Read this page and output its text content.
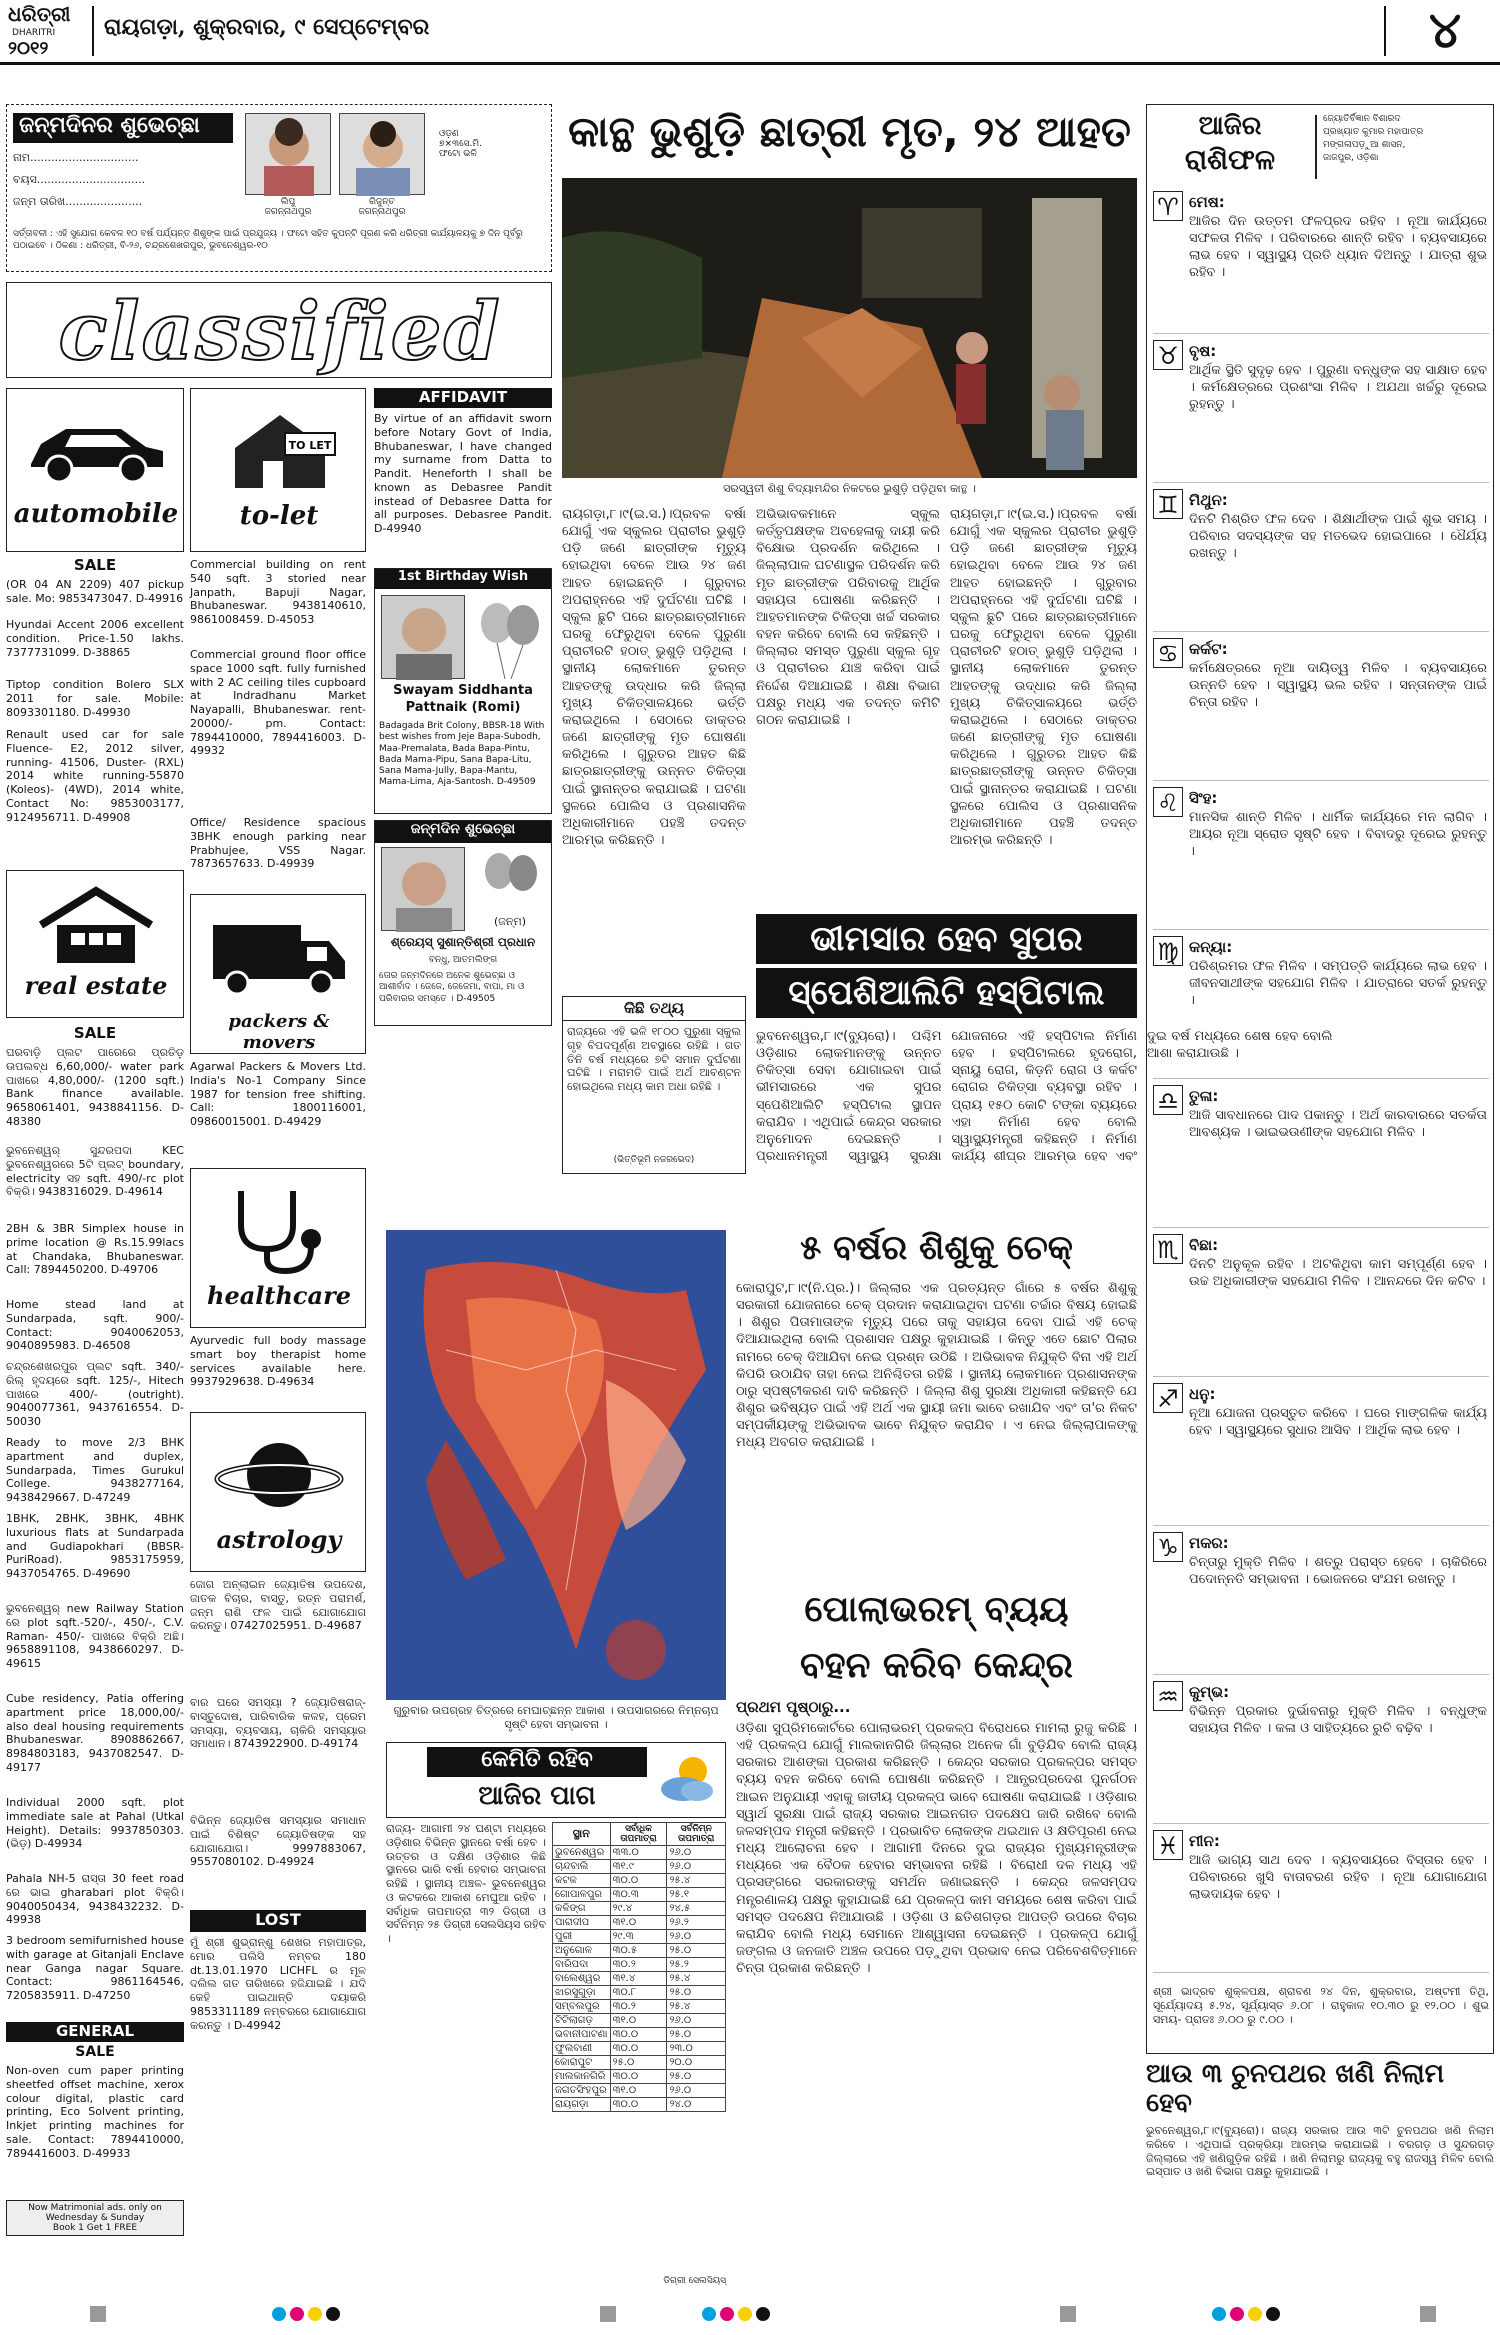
ଧରିତ୍ରୀ
DHARITRI
୨୦୧୨
ରାୟଗଡ଼ା, ଶୁକ୍ରବାର, ୯ ସେପ୍ଟେମ୍ବର	୪
ଜନ୍ମଦିନର ଶୁଭେଚ୍ଛା
ନାମ...............................
ବୟସ...............................
ଜନ୍ମ ତାରିଖ......................	ଲିପୁ
ଜଗନ୍ନାଥପୁର
ରିଜୁନ୍ତ
ଜଗନ୍ନାଥପୁର
ଓଡ଼ଣ
୭×୩ସେ.ମି.
ଫଟୋ ଭଳି
ସର୍ତ୍ତାବଳୀ : ଏହି ସୁଯୋଗ କେବଳ ୧୦ ବର୍ଷ ପର୍ଯ୍ୟନ୍ତ ଶିଶୁଙ୍କ ପାଇଁ ପ୍ରଯୁଜ୍ୟ । ଫଟୋ ସହିତ କୁପନ୍‌ଟି ପୂରଣ କରି ଧରିତ୍ରୀ କାର୍ଯ୍ୟାଳୟକୁ ୭ ଦିନ ପୂର୍ବରୁ ପଠାଇବେ । ଠିକଣା : ଧରିତ୍ରୀ, ବି-୨୬, ଚନ୍ଦ୍ରଶେଖରପୁର, ଭୁବନେଶ୍ୱର-୧୦
classified
automobile
SALE
(OR 04 AN 2209) 407 pickup sale. Mo: 9853473047. D-49916
Hyundai Accent 2006 excellent condition. Price-1.50 lakhs. 7377731099. D-38865
Tiptop condition Bolero SLX 2011 for sale. Mobile: 8093301180. D-49930
Renault used car for sale Fluence- E2, 2012 silver, running- 41506, Duster- (RXL) 2014 white running-55870 (Koleos)- (4WD), 2014 white, Contact No: 9853003177, 9124956711. D-49908
real estate
SALE
ଘରବାଡ଼ି ପ୍ଲଟ ପାରେରେ ପ୍ରତିଡ଼ ଉପଲବ୍ଧ 6,60,000/- water park ପାଖରେ 4,80,000/- (1200 sqft.) Bank finance available. 9658061401, 9438841156. D-48380
ଭୁବନେଶ୍ୱର୍ ସୁନ୍ଦରପଦା KEC ଭୁବନେଶ୍ୱରରେ 5ଟି ପ୍ଲଟ୍ boundary, electricity ସହ sqft. 490/-rc plot ବିକ୍ରି। 9438316029. D-49614
2BH & 3BR Simplex house in prime location @ Rs.15.99lacs at Chandaka, Bhubaneswar. Call: 7894450200. D-49706
Home stead land at Sundarpada, sqft. 900/- Contact: 9040062053, 9040895983. D-46508
ଚନ୍ଦ୍ରଶେଖରପୁର ପ୍ଲଟ sqft. 340/- ରିଲ୍ ହୃଦୟରେ sqft. 125/-, Hitech ପାଖରେ 400/- (outright). 9040077361, 9437616554. D-50030
Ready to move 2/3 BHK apartment and duplex, Sundarpada, Times Gurukul College. 9438277164, 9438429667. D-47249
1BHK, 2BHK, 3BHK, 4BHK luxurious flats at Sundarpada and Gudiapokhari (BBSR-PuriRoad). 9853175959, 9437054765. D-49690
ଭୁବନେଶ୍ୱର୍ new Railway Station ରେ plot sqft.-520/-, 450/-, C.V. Raman- 450/- ପାଖରେ ବିକ୍ରି ଅଛି। 9658891108, 9438660297. D-49615
Cube residency, Patia offering apartment price 18,000,00/- also deal housing requirements Bhubaneswar. 8908862667, 8984803183, 9437082547. D-49177
Individual 2000 sqft. plot immediate sale at Pahal (Utkal Height). Details: 9937850303. (ଭିଡ଼) D-49934
Pahala NH-5 ରାସ୍ତା 30 feet road ରେ ଭାଇ gharabari plot ବିକ୍ରି। 9040050434, 9438432232. D-49938
3 bedroom semifurnished house with garage at Gitanjali Enclave near Ganga nagar Square. Contact: 9861164546, 7205835911. D-47250
GENERAL
SALE
Non-oven cum paper printing sheetfed offset machine, xerox colour digital, plastic card printing, Eco Solvent printing, Inkjet printing machines for sale. Contact: 7894410000, 7894416003. D-49933
Now Matrimonial ads. only on Wednesday & Sunday
Book 1 Get 1 FREE
TO LET
to-let
Commercial building on rent 540 sqft. 3 storied near Janpath, Bapuji Nagar, Bhubaneswar. 9438140610, 9861008459. D-45053
Commercial ground floor office space 1000 sqft. fully furnished with 2 AC ceiling tiles cupboard at Indradhanu Market Nayapalli, Bhubaneswar. rent-20000/- pm. Contact: 7894410000, 7894416003. D-49932
Office/ Residence spacious 3BHK enough parking near Prabhujee, VSS Nagar. 7873657633. D-49939
packers & movers
Agarwal Packers & Movers Ltd. India's No-1 Company Since 1987 for tension free shifting. Call: 1800116001, 09860015001. D-49429
healthcare
Ayurvedic full body massage smart boy therapist home services available here. 9937929638. D-49634
astrology
ଜୋଗ ଅନ୍‌ଲାଇନ ଜ୍ୟୋତିଷ ଉପଦେଶ, ଜାତକ ବିଚାର, ବାସ୍ତୁ, ରତ୍ନ ପରାମର୍ଶ, ଜନ୍ମ ରାଶି ଫଳ ପାଇଁ ଯୋଗାଯୋଗ କରନ୍ତୁ। 07427025951. D-49687
ବାର ଘରେ ସମସ୍ୟା ? ଜ୍ୟୋତିଷରାଜ୍- ବାସ୍ତୁଦୋଷ, ପାରିବାରିକ କଳହ, ପ୍ରେମ ସମସ୍ୟା, ବ୍ୟବସାୟ, ଚାକିରି ସମସ୍ୟାର ସମାଧାନ। 8743922900. D-49174
ବିଭିନ୍ନ ଜ୍ୟୋତିଷ ସମସ୍ୟାର ସମାଧାନ ପାଇଁ ବିଶିଷ୍ଟ ଜ୍ୟୋତିଷଙ୍କ ସହ ଯୋଗାଯୋଗ। 9997883067, 9557080102. D-49924
LOST
ମୁଁ ଶ୍ରୀ ଶୁଭ୍ରାନ୍ଶୁ ଶେଖର ମହାପାତ୍ର, ମୋର ପଲିସି ନମ୍ବର 180 dt.13.01.1970 LICHFL ର ମୂଳ ଦଲିଲ ଗତ ତାରିଖରେ ହଜିଯାଇଛି । ଯଦି କେହି ପାଇଥାନ୍ତି ଦୟାକରି 9853311189 ନମ୍ବରରେ ଯୋଗାଯୋଗ କରନ୍ତୁ । D-49942
AFFIDAVIT
By virtue of an affidavit sworn before Notary Govt of India, Bhubaneswar, I have changed my surname from Datta to Pandit. Heneforth I shall be known as Debasree Pandit instead of Debasree Datta for all purposes. Debasree Pandit. D-49940
1st Birthday Wish
Swayam Siddhanta Pattnaik (Romi)
Badagada Brit Colony, BBSR-18 With best wishes from Jeje Bapa-Subodh, Maa-Premalata, Bada Bapa-Pintu, Bada Mama-Pipu, Sana Bapa-Litu, Sana Mama-Jully, Bapa-Mantu, Mama-Lima, Aja-Santosh. D-49509
ଜନ୍ମଦିନ ଶୁଭେଚ୍ଛା
(ଜନ୍ମ)
ଶ୍ରେୟସ୍ ସୁଶାନ୍ତିଶ୍ରୀ ପ୍ରଧାନ
ବନ୍ଧୁ, ଆତମଲିଙ୍ଗ
ତୋର ଜନ୍ମଦିନରେ ଅନେକ ଶୁଭେଚ୍ଛା ଓ ଆଶୀର୍ବାଦ । ଜେଜେ, ଜେଜେମା, ବାପା, ମା ଓ ପରିବାରର ସମସ୍ତେ । D-49505
କାନ୍ଥ ଭୁଶୁଡ଼ି ଛାତ୍ରୀ ମୃତ, ୨୪ ଆହତ
ସରସ୍ୱତୀ ଶିଶୁ ବିଦ୍ୟାମନ୍ଦିର ନିକଟରେ ଭୁଶୁଡ଼ି ପଡ଼ିଥିବା କାନ୍ଥ ।
ରାୟଗଡ଼ା,୮।୯(ଇ.ସ.)।ପ୍ରବଳ ବର୍ଷା ଯୋଗୁଁ ଏକ ସ୍କୁଲର ପ୍ରାଚୀର ଭୁଶୁଡ଼ି ପଡ଼ି ଜଣେ ଛାତ୍ରୀଙ୍କ ମୃତ୍ୟୁ ହୋଇଥିବା ବେଳେ ଆଉ ୨୪ ଜଣ ଆହତ ହୋଇଛନ୍ତି । ଗୁରୁବାର ଅପରାହ୍ନରେ ଏହି ଦୁର୍ଘଟଣା ଘଟିଛି । ସ୍କୁଲ ଛୁଟି ପରେ ଛାତ୍ରଛାତ୍ରୀମାନେ ଘରକୁ ଫେରୁଥିବା ବେଳେ ପୁରୁଣା ପ୍ରାଚୀରଟି ହଠାତ୍ ଭୁଶୁଡ଼ି ପଡ଼ିଥିଲା । ସ୍ଥାନୀୟ ଲୋକମାନେ ତୁରନ୍ତ ଆହତଙ୍କୁ ଉଦ୍ଧାର କରି ଜିଲ୍ଲା ମୁଖ୍ୟ ଚିକିତ୍ସାଳୟରେ ଭର୍ତ୍ତି କରାଇଥିଲେ । ସେଠାରେ ଡାକ୍ତର ଜଣେ ଛାତ୍ରୀଙ୍କୁ ମୃତ ଘୋଷଣା କରିଥିଲେ । ଗୁରୁତର ଆହତ କିଛି ଛାତ୍ରଛାତ୍ରୀଙ୍କୁ ଉନ୍ନତ ଚିକିତ୍ସା ପାଇଁ ସ୍ଥାନାନ୍ତର କରାଯାଇଛି । ଘଟଣା ସ୍ଥଳରେ ପୋଲିସ ଓ ପ୍ରଶାସନିକ ଅଧିକାରୀମାନେ ପହଞ୍ଚି ତଦନ୍ତ ଆରମ୍ଭ କରିଛନ୍ତି ।
ଅଭିଭାବକମାନେ ସ୍କୁଲ କର୍ତ୍ତୃପକ୍ଷଙ୍କ ଅବହେଳାକୁ ଦାୟୀ କରି ବିକ୍ଷୋଭ ପ୍ରଦର୍ଶନ କରିଥିଲେ । ଜିଲ୍ଲାପାଳ ଘଟଣାସ୍ଥଳ ପରିଦର୍ଶନ କରି ମୃତ ଛାତ୍ରୀଙ୍କ ପରିବାରକୁ ଆର୍ଥିକ ସହାୟତା ଘୋଷଣା କରିଛନ୍ତି । ଆହତମାନଙ୍କ ଚିକିତ୍ସା ଖର୍ଚ୍ଚ ସରକାର ବହନ କରିବେ ବୋଲି ସେ କହିଛନ୍ତି । ଜିଲ୍ଲାର ସମସ୍ତ ପୁରୁଣା ସ୍କୁଲ ଗୃହ ଓ ପ୍ରାଚୀରର ଯାଞ୍ଚ କରିବା ପାଇଁ ନିର୍ଦ୍ଦେଶ ଦିଆଯାଇଛି । ଶିକ୍ଷା ବିଭାଗ ପକ୍ଷରୁ ମଧ୍ୟ ଏକ ତଦନ୍ତ କମିଟି ଗଠନ କରାଯାଇଛି ।
ରାୟଗଡ଼ା,୮।୯(ଇ.ସ.)।ପ୍ରବଳ ବର୍ଷା ଯୋଗୁଁ ଏକ ସ୍କୁଲର ପ୍ରାଚୀର ଭୁଶୁଡ଼ି ପଡ଼ି ଜଣେ ଛାତ୍ରୀଙ୍କ ମୃତ୍ୟୁ ହୋଇଥିବା ବେଳେ ଆଉ ୨୪ ଜଣ ଆହତ ହୋଇଛନ୍ତି । ଗୁରୁବାର ଅପରାହ୍ନରେ ଏହି ଦୁର୍ଘଟଣା ଘଟିଛି । ସ୍କୁଲ ଛୁଟି ପରେ ଛାତ୍ରଛାତ୍ରୀମାନେ ଘରକୁ ଫେରୁଥିବା ବେଳେ ପୁରୁଣା ପ୍ରାଚୀରଟି ହଠାତ୍ ଭୁଶୁଡ଼ି ପଡ଼ିଥିଲା । ସ୍ଥାନୀୟ ଲୋକମାନେ ତୁରନ୍ତ ଆହତଙ୍କୁ ଉଦ୍ଧାର କରି ଜିଲ୍ଲା ମୁଖ୍ୟ ଚିକିତ୍ସାଳୟରେ ଭର୍ତ୍ତି କରାଇଥିଲେ । ସେଠାରେ ଡାକ୍ତର ଜଣେ ଛାତ୍ରୀଙ୍କୁ ମୃତ ଘୋଷଣା କରିଥିଲେ । ଗୁରୁତର ଆହତ କିଛି ଛାତ୍ରଛାତ୍ରୀଙ୍କୁ ଉନ୍ନତ ଚିକିତ୍ସା ପାଇଁ ସ୍ଥାନାନ୍ତର କରାଯାଇଛି । ଘଟଣା ସ୍ଥଳରେ ପୋଲିସ ଓ ପ୍ରଶାସନିକ ଅଧିକାରୀମାନେ ପହଞ୍ଚି ତଦନ୍ତ ଆରମ୍ଭ କରିଛନ୍ତି ।
କିଛି ତଥ୍ୟ
ରାଜ୍ୟରେ ଏହି ଭଳି ୧୮୦୦ ପୁରୁଣା ସ୍କୁଲ ଗୃହ ବିପଦପୂର୍ଣ୍ଣ ଅବସ୍ଥାରେ ରହିଛି । ଗତ ତିନି ବର୍ଷ ମଧ୍ୟରେ ୭ଟି ସମାନ ଦୁର୍ଘଟଣା ଘଟିଛି । ମରାମତି ପାଇଁ ଅର୍ଥ ଆବଣ୍ଟନ ହୋଇଥିଲେ ମଧ୍ୟ କାମ ଅଧା ରହିଛି ।
(ଭିତ୍ତିଭୂମି ନଜରଭେଦ)
ଭୀମସାର ହେବ ସୁପର
ସ୍ପେଶିଆଲିଟି ହସ୍ପିଟାଲ
ଭୁବନେଶ୍ୱର,୮।୯(ବ୍ୟୁରୋ)। ପଶ୍ଚିମ ଓଡ଼ିଶାର ଲୋକମାନଙ୍କୁ ଉନ୍ନତ ଚିକିତ୍ସା ସେବା ଯୋଗାଇବା ପାଇଁ ଭୀମସାରରେ ଏକ ସୁପର ସ୍ପେଶିଆଲିଟି ହସ୍ପିଟାଲ ସ୍ଥାପନ କରାଯିବ । ଏଥିପାଇଁ କେନ୍ଦ୍ର ସରକାର ଅନୁମୋଦନ ଦେଇଛନ୍ତି । ପ୍ରଧାନମନ୍ତ୍ରୀ ସ୍ୱାସ୍ଥ୍ୟ ସୁରକ୍ଷା ଯୋଜନାରେ ଏହି ହସ୍ପିଟାଲ ନିର୍ମାଣ ହେବ । ହସ୍ପିଟାଲରେ ହୃଦରୋଗ, ସ୍ନାୟୁ ରୋଗ, କିଡ଼ନି ରୋଗ ଓ କର୍କଟ ରୋଗର ଚିକିତ୍ସା ବ୍ୟବସ୍ଥା ରହିବ । ପ୍ରାୟ ୧୫୦ କୋଟି ଟଙ୍କା ବ୍ୟୟରେ ଏହା ନିର୍ମାଣ ହେବ ବୋଲି ସ୍ୱାସ୍ଥ୍ୟମନ୍ତ୍ରୀ କହିଛନ୍ତି । ନିର୍ମାଣ କାର୍ଯ୍ୟ ଶୀଘ୍ର ଆରମ୍ଭ ହେବ ଏବଂ ଦୁଇ ବର୍ଷ ମଧ୍ୟରେ ଶେଷ ହେବ ବୋଲି ଆଶା କରାଯାଉଛି ।
ଗୁରୁବାର ଉପଗ୍ରହ ଚିତ୍ରରେ ମେଘାଚ୍ଛନ୍ନ ଆକାଶ । ଉପସାଗରରେ ନିମ୍ନଚାପ ସୃଷ୍ଟି ହେବା ସମ୍ଭାବନା ।
କେମିତି ରହିବ
ଆଜିର ପାଗ
ରାଜ୍ୟ- ଆଗାମୀ ୨୪ ଘଣ୍ଟା ମଧ୍ୟରେ ଓଡ଼ିଶାର ବିଭିନ୍ନ ସ୍ଥାନରେ ବର୍ଷା ହେବ । ଉତ୍ତର ଓ ଦକ୍ଷିଣ ଓଡ଼ିଶାର କିଛି ସ୍ଥାନରେ ଭାରି ବର୍ଷା ହେବାର ସମ୍ଭାବନା ରହିଛି । ସ୍ଥାନୀୟ ଅଞ୍ଚଳ- ଭୁବନେଶ୍ୱର ଓ କଟକରେ ଆକାଶ ମେଘୁଆ ରହିବ । ସର୍ବାଧିକ ତାପମାତ୍ରା ୩୨ ଡିଗ୍ରୀ ଓ ସର୍ବନିମ୍ନ ୨୫ ଡିଗ୍ରୀ ସେଲସିୟସ ରହିବ ।
ସ୍ଥାନ	ସର୍ବାଧିକ ତାପମାତ୍ରା	ସର୍ବନିମ୍ନ ତାପମାତ୍ରା
ଭୁବନେଶ୍ୱର	୩୩.୦	୨୬.୦
ଚାନ୍ଦବାଲି	୩୧.୯	୨୬.୦
କଟକ	୩୦.୦	୨୫.୪
ଗୋପାଳପୁର	୩୦.୩	୨୫.୧
କଳିଙ୍ଗ	୨୯.୪	୨୪.୫
ପାରାଦୀପ	୩୧.୦	୨୬.୨
ପୁରୀ	୨୯.୩	୨୬.୦
ଅନୁଗୋଳ	୩୦.୫	୨୫.୦
ବାରିପଦା	୩୦.୨	୨୫.୨
ବାଲେଶ୍ୱର	୩୧.୪	୨୫.୪
ଝାରସୁଗୁଡ଼ା	୩୦.୮	୨୫.୦
ସମ୍ବଲପୁର	୩୦.୨	୨୫.୪
ଟିଟିଲାଗଡ଼	୩୧.୦	୨୬.୦
ଭବାନୀପାଟଣା	୩୦.୦	୨୫.୦
ଫୁଲବାଣୀ	୩୦.୦	୨୩.୦
କୋରାପୁଟ	୨୫.୦	୨୦.୦
ମାଲକାନଗିରି	୩୦.୦	୨୫.୦
ଜଗତସିଂହପୁର	୩୧.୦	୨୬.୦
ରାୟଗଡ଼ା	୩୦.୦	୨୪.୦
ଡିଗ୍ରୀ ସେଲସିୟସ୍
୫ ବର୍ଷର ଶିଶୁକୁ ଚେକ୍
କୋରାପୁଟ,୮।୯(ନି.ପ୍ର.)। ଜିଲ୍ଲାର ଏକ ପ୍ରତ୍ୟନ୍ତ ଗାଁରେ ୫ ବର୍ଷର ଶିଶୁକୁ ସରକାରୀ ଯୋଜନାରେ ଚେକ୍ ପ୍ରଦାନ କରାଯାଇଥିବା ଘଟଣା ଚର୍ଚ୍ଚାର ବିଷୟ ହୋଇଛି । ଶିଶୁର ପିତାମାତାଙ୍କ ମୃତ୍ୟୁ ପରେ ତାକୁ ସହାୟତା ଦେବା ପାଇଁ ଏହି ଚେକ୍ ଦିଆଯାଇଥିଲା ବୋଲି ପ୍ରଶାସନ ପକ୍ଷରୁ କୁହାଯାଇଛି । କିନ୍ତୁ ଏତେ ଛୋଟ ପିଲାର ନାମରେ ଚେକ୍ ଦିଆଯିବା ନେଇ ପ୍ରଶ୍ନ ଉଠିଛି । ଅଭିଭାବକ ନିଯୁକ୍ତି ବିନା ଏହି ଅର୍ଥ କିପରି ଉଠାଯିବ ତାହା ନେଇ ଅନିଶ୍ଚିତତା ରହିଛି । ସ୍ଥାନୀୟ ଲୋକମାନେ ପ୍ରଶାସନଙ୍କ ଠାରୁ ସ୍ପଷ୍ଟୀକରଣ ଦାବି କରିଛନ୍ତି । ଜିଲ୍ଲା ଶିଶୁ ସୁରକ୍ଷା ଅଧିକାରୀ କହିଛନ୍ତି ଯେ ଶିଶୁର ଭବିଷ୍ୟତ ପାଇଁ ଏହି ଅର୍ଥ ଏକ ସ୍ଥାୟୀ ଜମା ଭାବେ ରଖାଯିବ ଏବଂ ତା'ର ନିକଟ ସମ୍ପର୍କୀୟଙ୍କୁ ଅଭିଭାବକ ଭାବେ ନିଯୁକ୍ତ କରାଯିବ । ଏ ନେଇ ଜିଲ୍ଲାପାଳଙ୍କୁ ମଧ୍ୟ ଅବଗତ କରାଯାଇଛି ।
ପୋଲାଭରମ୍ ବ୍ୟୟ
ବହନ କରିବ କେନ୍ଦ୍ର
ପ୍ରଥମ ପୃଷ୍ଠାରୁ...
ଓଡ଼ିଶା ସୁପ୍ରିମକୋର୍ଟରେ ପୋଲାଭରମ୍ ପ୍ରକଳ୍ପ ବିରୋଧରେ ମାମଲା ରୁଜୁ କରିଛି । ଏହି ପ୍ରକଳ୍ପ ଯୋଗୁଁ ମାଲକାନଗିରି ଜିଲ୍ଲାର ଅନେକ ଗାଁ ବୁଡ଼ିଯିବ ବୋଲି ରାଜ୍ୟ ସରକାର ଆଶଙ୍କା ପ୍ରକାଶ କରିଛନ୍ତି । କେନ୍ଦ୍ର ସରକାର ପ୍ରକଳ୍ପର ସମସ୍ତ ବ୍ୟୟ ବହନ କରିବେ ବୋଲି ଘୋଷଣା କରିଛନ୍ତି । ଆନ୍ଧ୍ରପ୍ରଦେଶ ପୁନର୍ଗଠନ ଆଇନ ଅନୁଯାୟୀ ଏହାକୁ ଜାତୀୟ ପ୍ରକଳ୍ପ ଭାବେ ଘୋଷଣା କରାଯାଇଛି । ଓଡ଼ିଶାର ସ୍ୱାର୍ଥ ସୁରକ୍ଷା ପାଇଁ ରାଜ୍ୟ ସରକାର ଆଇନଗତ ପଦକ୍ଷେପ ଜାରି ରଖିବେ ବୋଲି ଜଳସମ୍ପଦ ମନ୍ତ୍ରୀ କହିଛନ୍ତି । ପ୍ରଭାବିତ ଲୋକଙ୍କ ଥଇଥାନ ଓ କ୍ଷତିପୂରଣ ନେଇ ମଧ୍ୟ ଆଲୋଚନା ହେବ । ଆଗାମୀ ଦିନରେ ଦୁଇ ରାଜ୍ୟର ମୁଖ୍ୟମନ୍ତ୍ରୀଙ୍କ ମଧ୍ୟରେ ଏକ ବୈଠକ ହେବାର ସମ୍ଭାବନା ରହିଛି । ବିରୋଧୀ ଦଳ ମଧ୍ୟ ଏହି ପ୍ରସଙ୍ଗରେ ସରକାରଙ୍କୁ ସମର୍ଥନ ଜଣାଇଛନ୍ତି । କେନ୍ଦ୍ର ଜଳସମ୍ପଦ ମନ୍ତ୍ରଣାଳୟ ପକ୍ଷରୁ କୁହାଯାଇଛି ଯେ ପ୍ରକଳ୍ପ କାମ ସମୟରେ ଶେଷ କରିବା ପାଇଁ ସମସ୍ତ ପଦକ୍ଷେପ ନିଆଯାଉଛି । ଓଡ଼ିଶା ଓ ଛତିଶଗଡ଼ର ଆପତ୍ତି ଉପରେ ବିଚାର କରାଯିବ ବୋଲି ମଧ୍ୟ ସେମାନେ ଆଶ୍ୱାସନା ଦେଇଛନ୍ତି । ପ୍ରକଳ୍ପ ଯୋଗୁଁ ଜଙ୍ଗଲ ଓ ଜନଜାତି ଅଞ୍ଚଳ ଉପରେ ପଡ଼ୁଥିବା ପ୍ରଭାବ ନେଇ ପରିବେଶବିତ୍‌ମାନେ ଚିନ୍ତା ପ୍ରକାଶ କରିଛନ୍ତି ।
ଆଜିର
ରାଶିଫଳ
ଜ୍ୟୋତିର୍ବିଜ୍ଞାନ ବିଶାରଦ
ପ୍ରଖ୍ୟାତ କୁମାର ମହାପାତ୍ର
ମଙ୍ଗଳାପଡ଼ୁଆ ଶାସନ,
ଜାଜପୁର, ଓଡ଼ିଶା
♈ ମେଷ:
ଆଜିର ଦିନ ଉତ୍ତମ ଫଳପ୍ରଦ ରହିବ । ନୂଆ କାର୍ଯ୍ୟରେ ସଫଳତା ମିଳିବ । ପରିବାରରେ ଶାନ୍ତି ରହିବ । ବ୍ୟବସାୟରେ ଲାଭ ହେବ । ସ୍ୱାସ୍ଥ୍ୟ ପ୍ରତି ଧ୍ୟାନ ଦିଅନ୍ତୁ । ଯାତ୍ରା ଶୁଭ ରହିବ ।
♉ ବୃଷ:
ଆର୍ଥିକ ସ୍ଥିତି ସୁଦୃଢ଼ ହେବ । ପୁରୁଣା ବନ୍ଧୁଙ୍କ ସହ ସାକ୍ଷାତ ହେବ । କର୍ମକ୍ଷେତ୍ରରେ ପ୍ରଶଂସା ମିଳିବ । ଅଯଥା ଖର୍ଚ୍ଚରୁ ଦୂରେଇ ରୁହନ୍ତୁ ।
♊ ମିଥୁନ:
ଦିନଟି ମିଶ୍ରିତ ଫଳ ଦେବ । ଶିକ୍ଷାର୍ଥୀଙ୍କ ପାଇଁ ଶୁଭ ସମୟ । ପରିବାର ସଦସ୍ୟଙ୍କ ସହ ମତଭେଦ ହୋଇପାରେ । ଧୈର୍ଯ୍ୟ ରଖନ୍ତୁ ।
♋ କର୍କଟ:
କର୍ମକ୍ଷେତ୍ରରେ ନୂଆ ଦାୟିତ୍ୱ ମିଳିବ । ବ୍ୟବସାୟରେ ଉନ୍ନତି ହେବ । ସ୍ୱାସ୍ଥ୍ୟ ଭଲ ରହିବ । ସନ୍ତାନଙ୍କ ପାଇଁ ଚିନ୍ତା ରହିବ ।
♌ ସିଂହ:
ମାନସିକ ଶାନ୍ତି ମିଳିବ । ଧାର୍ମିକ କାର୍ଯ୍ୟରେ ମନ ଲାଗିବ । ଆୟର ନୂଆ ସ୍ରୋତ ସୃଷ୍ଟି ହେବ । ବିବାଦରୁ ଦୂରେଇ ରୁହନ୍ତୁ ।
♍ କନ୍ୟା:
ପରିଶ୍ରମର ଫଳ ମିଳିବ । ସମ୍ପତ୍ତି କାର୍ଯ୍ୟରେ ଲାଭ ହେବ । ଜୀବନସାଥୀଙ୍କ ସହଯୋଗ ମିଳିବ । ଯାତ୍ରାରେ ସତର୍କ ରୁହନ୍ତୁ ।
♎ ତୁଳା:
ଆଜି ସାବଧାନରେ ପାଦ ପକାନ୍ତୁ । ଅର୍ଥ କାରବାରରେ ସତର୍କତା ଆବଶ୍ୟକ । ଭାଇଭଉଣୀଙ୍କ ସହଯୋଗ ମିଳିବ ।
♏ ବିଛା:
ଦିନଟି ଅନୁକୂଳ ରହିବ । ଅଟକିଥିବା କାମ ସମ୍ପୂର୍ଣ୍ଣ ହେବ । ଉଚ୍ଚ ଅଧିକାରୀଙ୍କ ସହଯୋଗ ମିଳିବ । ଆନନ୍ଦରେ ଦିନ କଟିବ ।
♐ ଧନୁ:
ନୂଆ ଯୋଜନା ପ୍ରସ୍ତୁତ କରିବେ । ଘରେ ମାଙ୍ଗଳିକ କାର୍ଯ୍ୟ ହେବ । ସ୍ୱାସ୍ଥ୍ୟରେ ସୁଧାର ଆସିବ । ଆର୍ଥିକ ଲାଭ ହେବ ।
♑ ମକର:
ଚିନ୍ତାରୁ ମୁକ୍ତି ମିଳିବ । ଶତ୍ରୁ ପରାସ୍ତ ହେବେ । ଚାକିରିରେ ପଦୋନ୍ନତି ସମ୍ଭାବନା । ଭୋଜନରେ ସଂଯମ ରଖନ୍ତୁ ।
♒ କୁମ୍ଭ:
ବିଭିନ୍ନ ପ୍ରକାର ଦୁର୍ଭାବନାରୁ ମୁକ୍ତି ମିଳିବ । ବନ୍ଧୁଙ୍କ ସହାୟତା ମିଳିବ । କଳା ଓ ସାହିତ୍ୟରେ ରୁଚି ବଢ଼ିବ ।
♓ ମୀନ:
ଆଜି ଭାଗ୍ୟ ସାଥ ଦେବ । ବ୍ୟବସାୟରେ ବିସ୍ତାର ହେବ । ପରିବାରରେ ଖୁସି ବାତାବରଣ ରହିବ । ନୂଆ ଯୋଗାଯୋଗ ଲାଭଦାୟକ ହେବ ।
ଶ୍ରୀ ଭାଦ୍ରବ ଶୁକ୍ଳପକ୍ଷ, ଶ୍ରାବଣ ୨୪ ଦିନ, ଶୁକ୍ରବାର, ଅଷ୍ଟମୀ ତିଥି, ସୂର୍ଯ୍ୟୋଦୟ ୫.୨୪, ସୂର୍ଯ୍ୟାସ୍ତ ୬.୦୮ । ରାହୁକାଳ ୧୦.୩୦ ରୁ ୧୨.୦୦ । ଶୁଭ ସମୟ- ପ୍ରାତଃ ୬.୦୦ ରୁ ୯.୦୦ ।
ଆଉ ୩ ଚୁନପଥର ଖଣି ନିଲାମ ହେବ
ଭୁବନେଶ୍ୱର,୮।୯(ବ୍ୟୁରୋ)। ରାଜ୍ୟ ସରକାର ଆଉ ୩ଟି ଚୁନପଥର ଖଣି ନିଲାମ କରିବେ । ଏଥିପାଇଁ ପ୍ରକ୍ରିୟା ଆରମ୍ଭ କରାଯାଇଛି । ବରଗଡ଼ ଓ ସୁନ୍ଦରଗଡ଼ ଜିଲ୍ଲାରେ ଏହି ଖଣିଗୁଡ଼ିକ ରହିଛି । ଖଣି ନିଲାମରୁ ରାଜ୍ୟକୁ ବହୁ ରାଜସ୍ୱ ମିଳିବ ବୋଲି ଇସ୍ପାତ ଓ ଖଣି ବିଭାଗ ପକ୍ଷରୁ କୁହାଯାଇଛି ।
